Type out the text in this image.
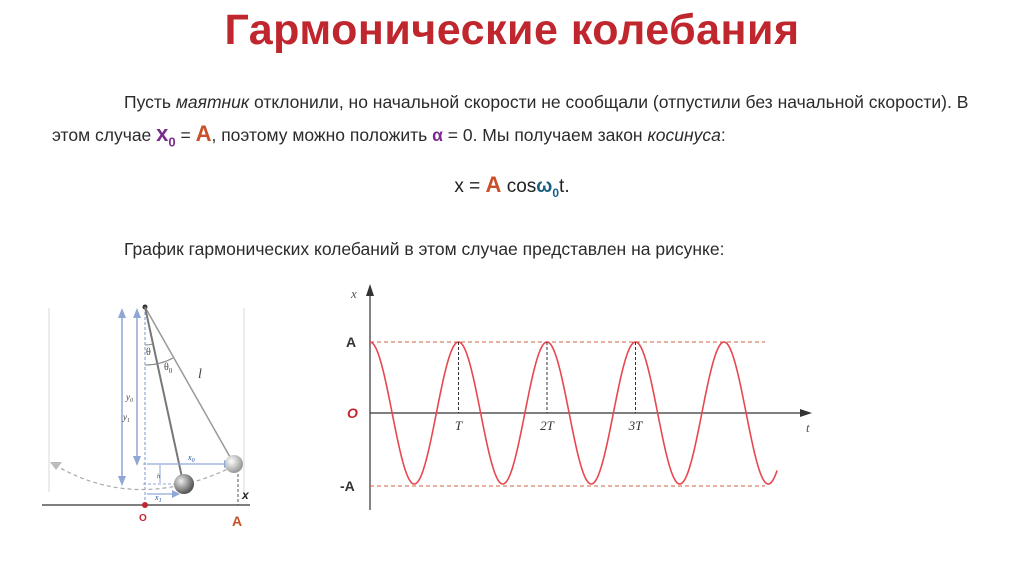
Гармонические колебания
Пусть маятник отклонили, но начальной скорости не сообщали (отпустили без начальной скорости). В этом случае $x_0 = A$, поэтому можно положить α = 0. Мы получаем закон косинуса:
x = A cosω$_0$t.
График гармонических колебаний в этом случае представлен на рисунке:
θ
$\theta_0$ l
$y_0$
$y_1$
$x_0$
h
$x_1$	x
O	A
x
t
A
O
-A
T	2T	3T
